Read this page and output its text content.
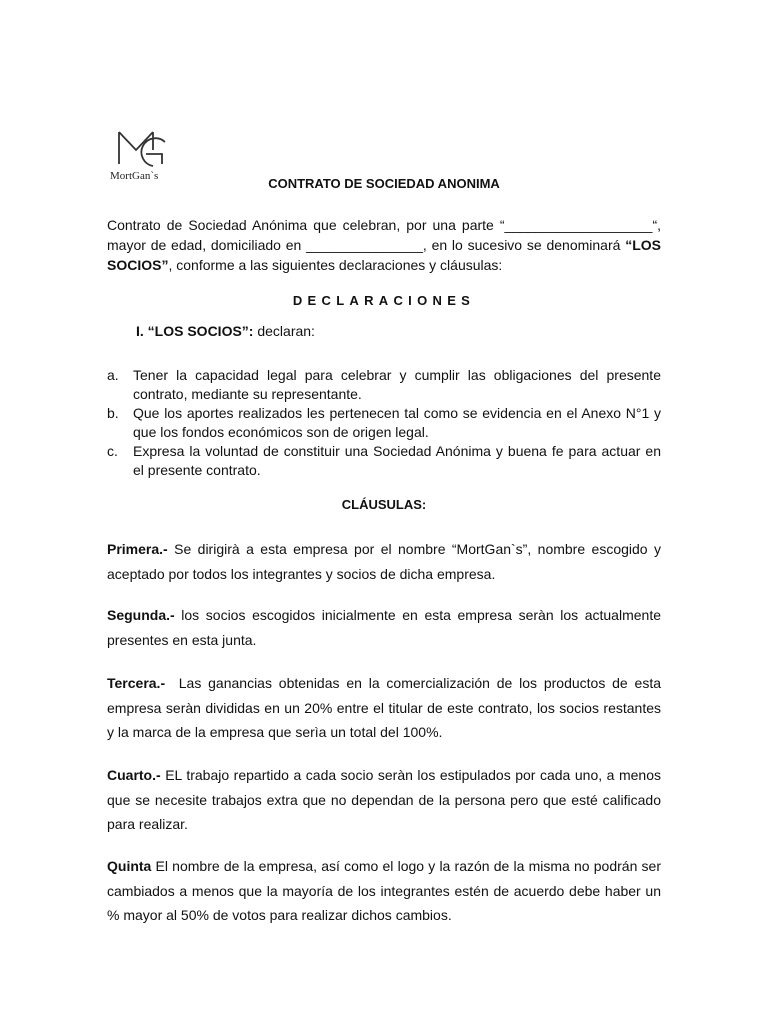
MortGan`s	CONTRATO DE SOCIEDAD ANONIMA
Contrato de Sociedad Anónima que celebran, por una parte “___________________“,
mayor de edad, domiciliado en _______________, en lo sucesivo se denominará “LOS
SOCIOS”, conforme a las siguientes declaraciones y cláusulas:
DECLARACIONES
I. “LOS SOCIOS”: declaran:
a. Tener la capacidad legal para celebrar y cumplir las obligaciones del presente contrato, mediante su representante.
b. Que los aportes realizados les pertenecen tal como se evidencia en el Anexo N°1 y que los fondos económicos son de origen legal.
c. Expresa la voluntad de constituir una Sociedad Anónima y buena fe para actuar en el presente contrato.
CLÁUSULAS:
Primera.- Se dirigirà a esta empresa por el nombre “MortGan`s”, nombre escogido y aceptado por todos los integrantes y socios de dicha empresa.
Segunda.- los socios escogidos inicialmente en esta empresa seràn los actualmente presentes en esta junta.
Tercera.-  Las ganancias obtenidas en la comercialización de los productos de esta empresa seràn divididas en un 20% entre el titular de este contrato, los socios restantes y la marca de la empresa que serìa un total del 100%.
Cuarto.- EL trabajo repartido a cada socio seràn los estipulados por cada uno, a menos que se necesite trabajos extra que no dependan de la persona pero que esté calificado para realizar.
Quinta El nombre de la empresa, así como el logo y la razón de la misma no podrán ser cambiados a menos que la mayoría de los integrantes estén de acuerdo debe haber un % mayor al 50% de votos para realizar dichos cambios.
